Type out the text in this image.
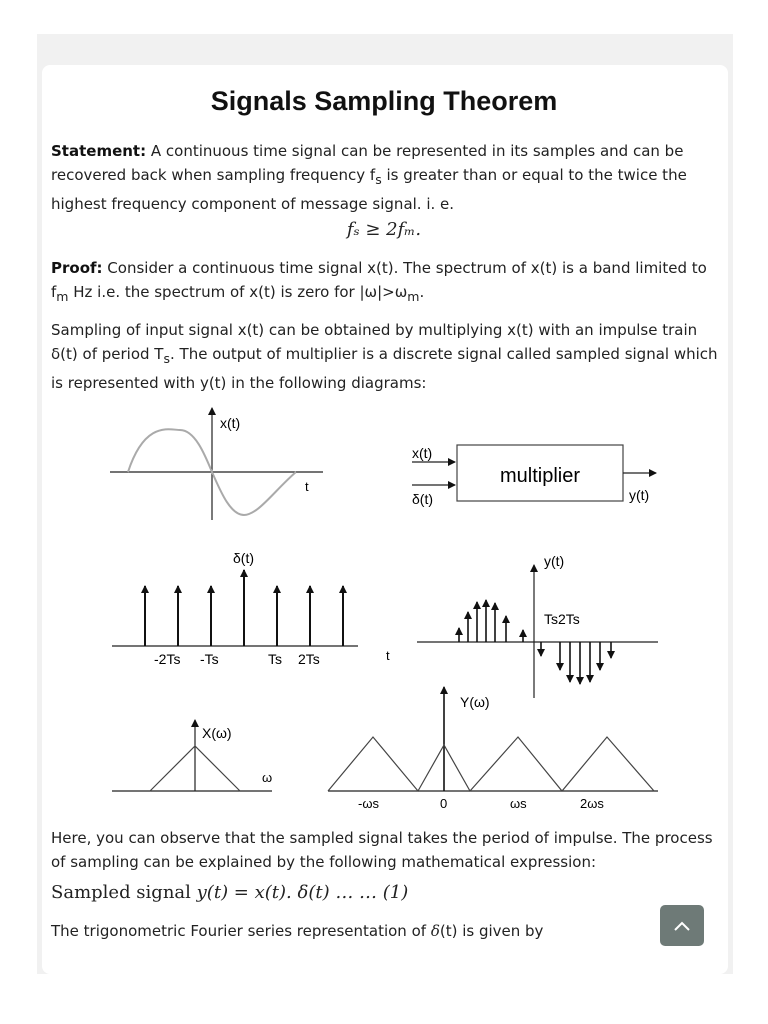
Signals Sampling Theorem
Statement: A continuous time signal can be represented in its samples and can be recovered back when sampling frequency $f_s$ is greater than or equal to the twice the highest frequency component of message signal. i. e.
fₛ ≥ 2fₘ.
Proof: Consider a continuous time signal x(t). The spectrum of x(t) is a band limited to $f_m$ Hz i.e. the spectrum of x(t) is zero for $|\omega|>\omega_m$.
Sampling of input signal x(t) can be obtained by multiplying x(t) with an impulse train δ(t) of period $T_s$. The output of multiplier is a discrete signal called sampled signal which is represented with y(t) in the following diagrams:
x(t)
t	multiplier
x(t)
δ(t)	y(t)
δ(t)
-2Ts -Ts	Ts 2Ts	t
y(t)
Ts2Ts
X(ω)
ω
Y(ω)
-ωs	0	ωs	2ωs
Here, you can observe that the sampled signal takes the period of impulse. The process of sampling can be explained by the following mathematical expression:
Sampled signal y(t) = x(t). δ(t) … … (1)
The trigonometric Fourier series representation of δ(t) is given by
